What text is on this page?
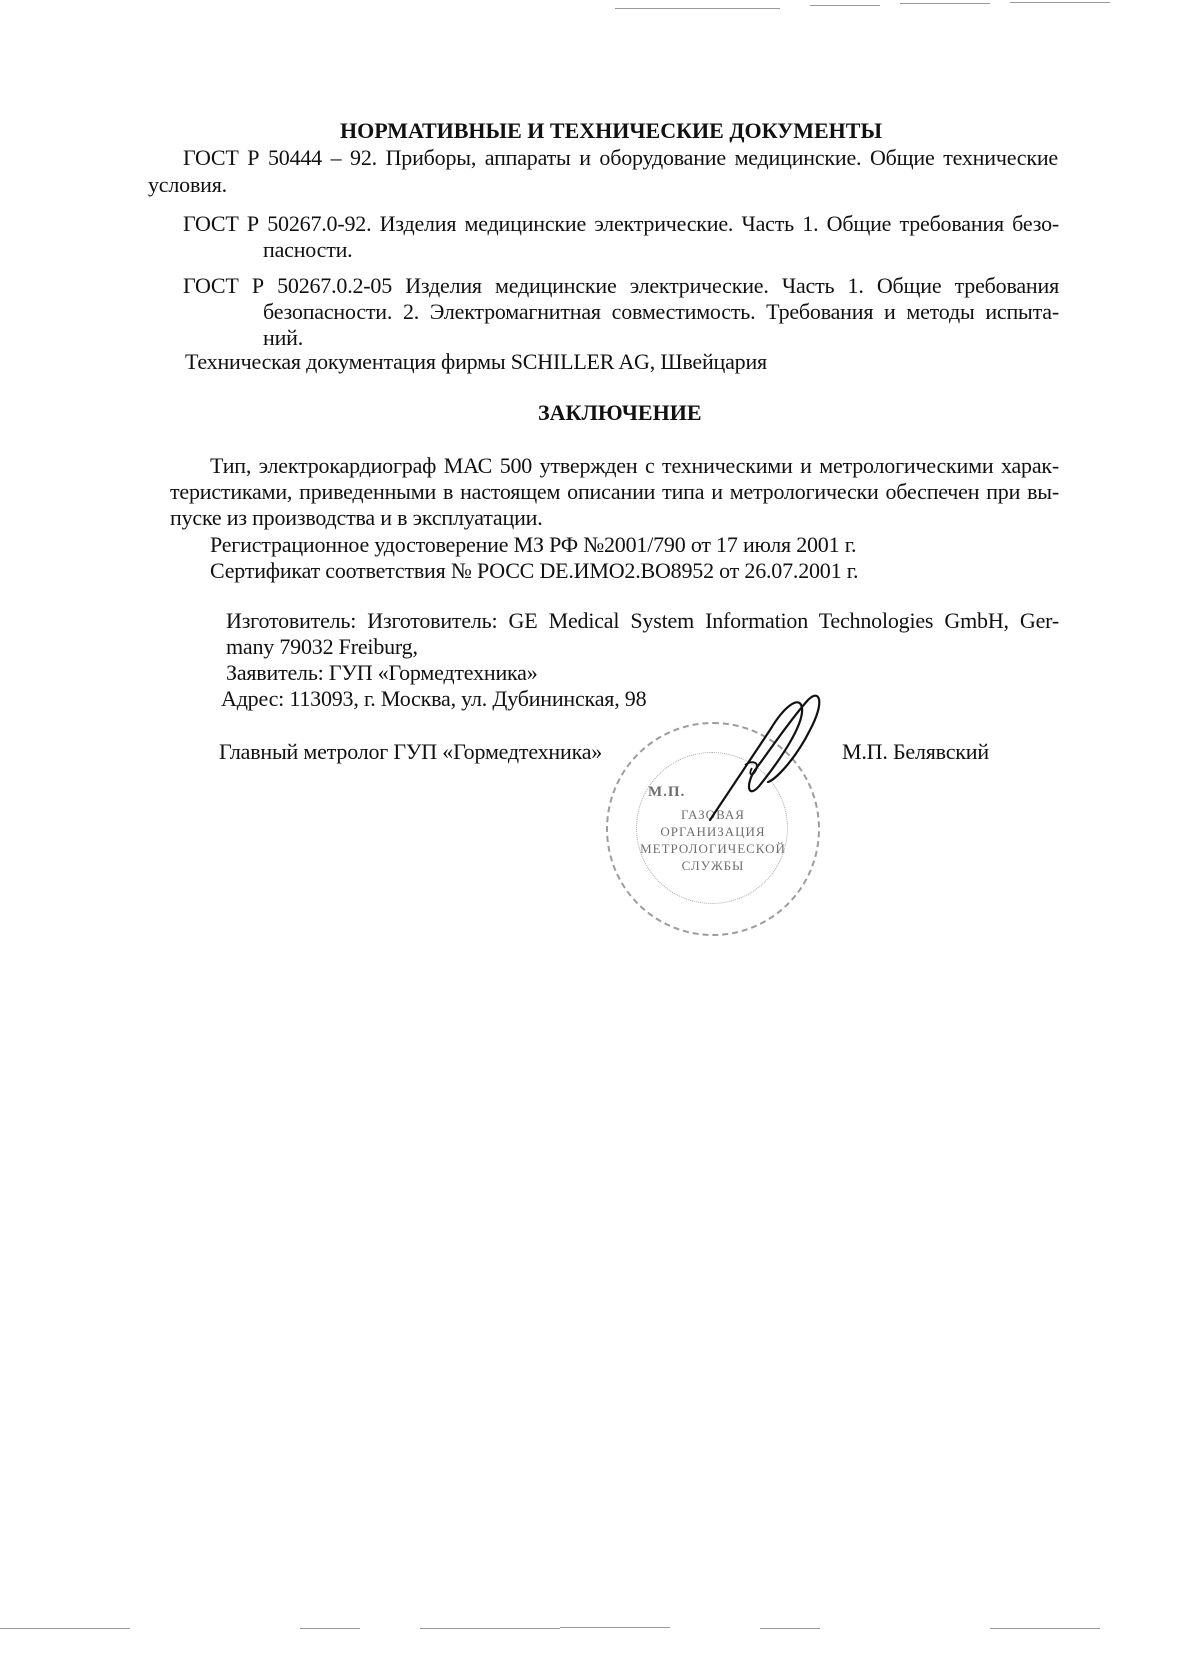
НОРМАТИВНЫЕ И ТЕХНИЧЕСКИЕ ДОКУМЕНТЫ
ГОСТ Р 50444 – 92. Приборы, аппараты и оборудование медицинские. Общие технические
условия.
ГОСТ Р 50267.0-92. Изделия медицинские электрические. Часть 1. Общие требования безо-
пасности.
ГОСТ Р 50267.0.2-05 Изделия медицинские электрические. Часть 1. Общие требования
безопасности. 2. Электромагнитная совместимость. Требования и методы испыта-
ний.
Техническая документация фирмы SCHILLER AG, Швейцария
ЗАКЛЮЧЕНИЕ
Тип, электрокардиограф МАС 500 утвержден с техническими и метрологическими харак-
теристиками, приведенными в настоящем описании типа и метрологически обеспечен при вы-
пуске из производства и в эксплуатации.
Регистрационное удостоверение МЗ РФ №2001/790 от 17 июля 2001 г.
Сертификат соответствия № РОСС DE.ИМО2.ВО8952 от 26.07.2001 г.
Изготовитель: Изготовитель: GE Medical System Information Technologies GmbH, Ger-
many 79032 Freiburg,
Заявитель: ГУП «Гормедтехника»
Адрес: 113093, г. Москва, ул. Дубининская, 98
Главный метролог ГУП «Гормедтехника»	М.П. Белявский
М.П.
ГАЗОВАЯ
ОРГАНИЗАЦИЯ
МЕТРОЛОГИЧЕСКОЙ
СЛУЖБЫ
